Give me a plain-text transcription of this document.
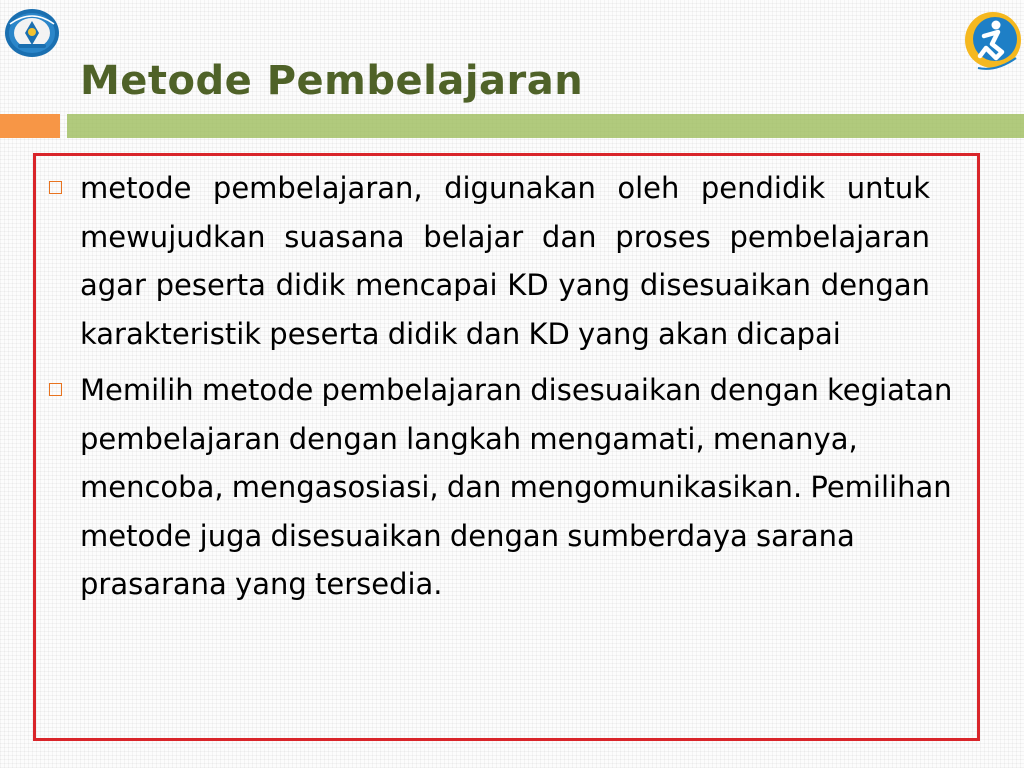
Metode Pembelajaran
metode pembelajaran, digunakan oleh pendidik untuk mewujudkan suasana belajar dan proses pembelajaran agar peserta didik mencapai KD yang disesuaikan dengan karakteristik peserta didik dan KD yang akan dicapai
Memilih metode pembelajaran disesuaikan dengan kegiatan pembelajaran dengan langkah mengamati, menanya, mencoba, mengasosiasi, dan mengomunikasikan. Pemilihan metode juga disesuaikan dengan sumberdaya sarana prasarana yang tersedia.
